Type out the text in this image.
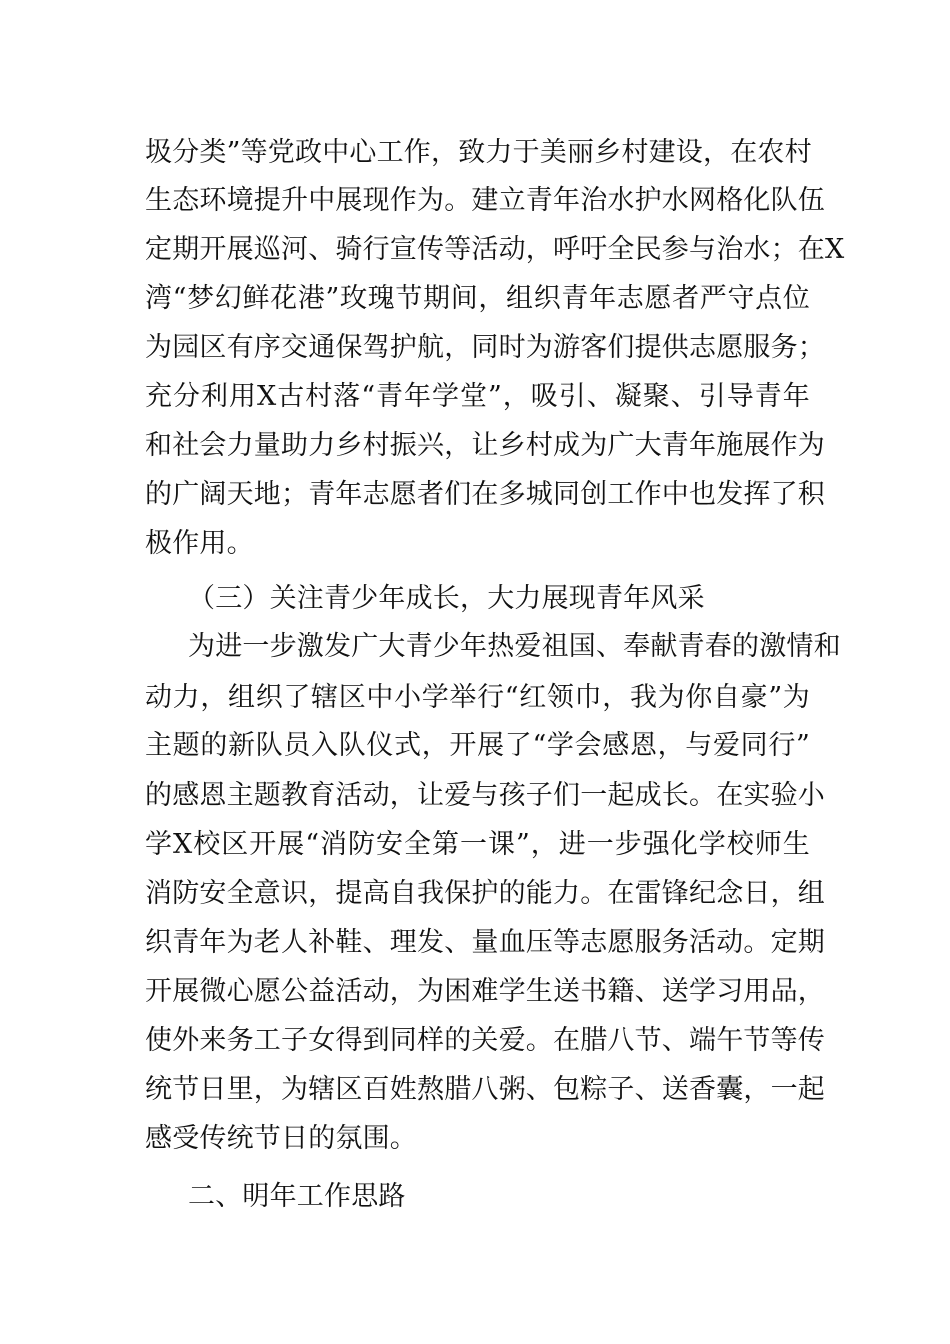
圾分类”等党政中心工作，致力于美丽乡村建设，在农村
生态环境提升中展现作为。建立青年治水护水网格化队伍
定期开展巡河、骑行宣传等活动，呼吁全民参与治水；在X
湾“梦幻鲜花港”玫瑰节期间，组织青年志愿者严守点位
为园区有序交通保驾护航，同时为游客们提供志愿服务；
充分利用X古村落“青年学堂”，吸引、凝聚、引导青年
和社会力量助力乡村振兴，让乡村成为广大青年施展作为
的广阔天地；青年志愿者们在多城同创工作中也发挥了积
极作用。
（三）关注青少年成长，大力展现青年风采
为进一步激发广大青少年热爱祖国、奉献青春的激情和
动力，组织了辖区中小学举行“红领巾，我为你自豪”为
主题的新队员入队仪式，开展了“学会感恩，与爱同行”
的感恩主题教育活动，让爱与孩子们一起成长。在实验小
学X校区开展“消防安全第一课”，进一步强化学校师生
消防安全意识，提高自我保护的能力。在雷锋纪念日，组
织青年为老人补鞋、理发、量血压等志愿服务活动。定期
开展微心愿公益活动，为困难学生送书籍、送学习用品，
使外来务工子女得到同样的关爱。在腊八节、端午节等传
统节日里，为辖区百姓熬腊八粥、包粽子、送香囊，一起
感受传统节日的氛围。
二、明年工作思路
